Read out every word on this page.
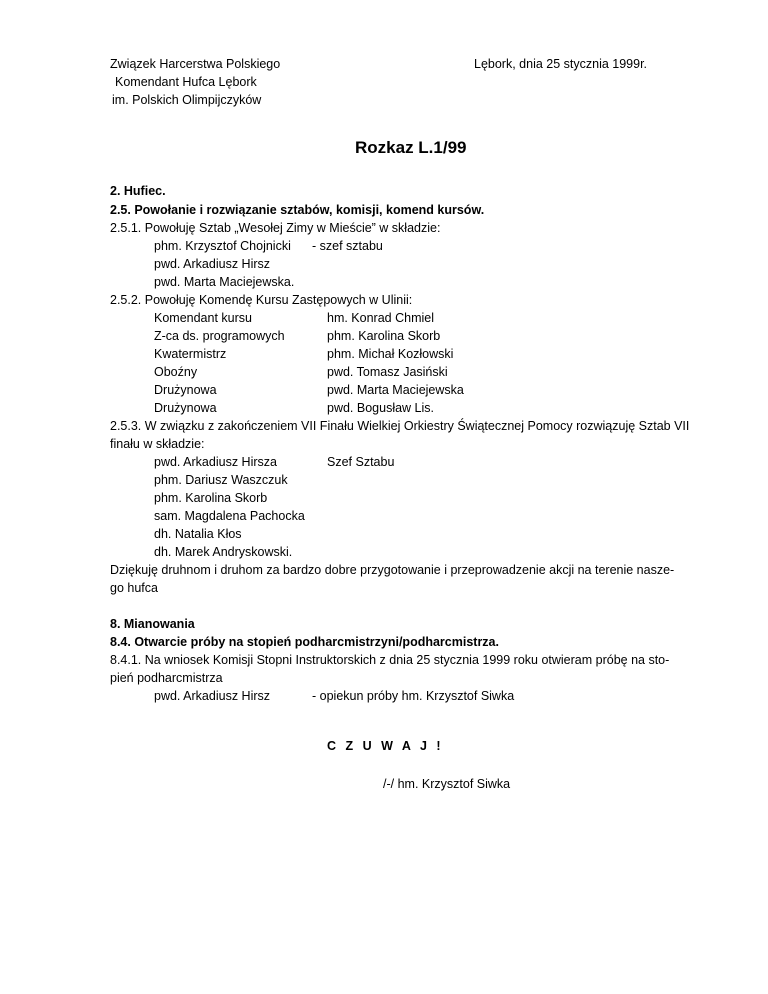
Związek Harcerstwa Polskiego
Komendant Hufca Lębork
im. Polskich Olimpijczyków
Lębork, dnia 25 stycznia 1999r.
Rozkaz L.1/99
2. Hufiec.
2.5. Powołanie i rozwiązanie sztabów, komisji, komend kursów.
2.5.1. Powołuję Sztab „Wesołej Zimy w Mieście” w składzie:
phm. Krzysztof Chojnicki - szef sztabu
pwd. Arkadiusz Hirsz
pwd. Marta Maciejewska.
2.5.2. Powołuję Komendę Kursu Zastępowych w Ulinii:
Komendant kursu	hm. Konrad Chmiel
Z-ca ds. programowych	phm. Karolina Skorb
Kwatermistrz	phm. Michał Kozłowski
Oboźny	pwd. Tomasz Jasiński
Drużynowa	pwd. Marta Maciejewska
Drużynowa	pwd. Bogusław Lis.
2.5.3. W związku z zakończeniem VII Finału Wielkiej Orkiestry Świątecznej Pomocy rozwiązuję Sztab VII
finału w składzie:
pwd. Arkadiusz Hirsza	Szef Sztabu
phm. Dariusz Waszczuk
phm. Karolina Skorb
sam. Magdalena Pachocka
dh. Natalia Kłos
dh. Marek Andryskowski.
Dziękuję druhnom i druhom za bardzo dobre przygotowanie i przeprowadzenie akcji na terenie nasze-
go hufca
8. Mianowania
8.4. Otwarcie próby na stopień podharcmistrzyni/podharcmistrza.
8.4.1. Na wniosek Komisji Stopni Instruktorskich z dnia 25 stycznia 1999 roku otwieram próbę na sto-
pień podharcmistrza
pwd. Arkadiusz Hirsz	- opiekun próby hm. Krzysztof Siwka
C Z U W A J !
/-/ hm. Krzysztof Siwka
